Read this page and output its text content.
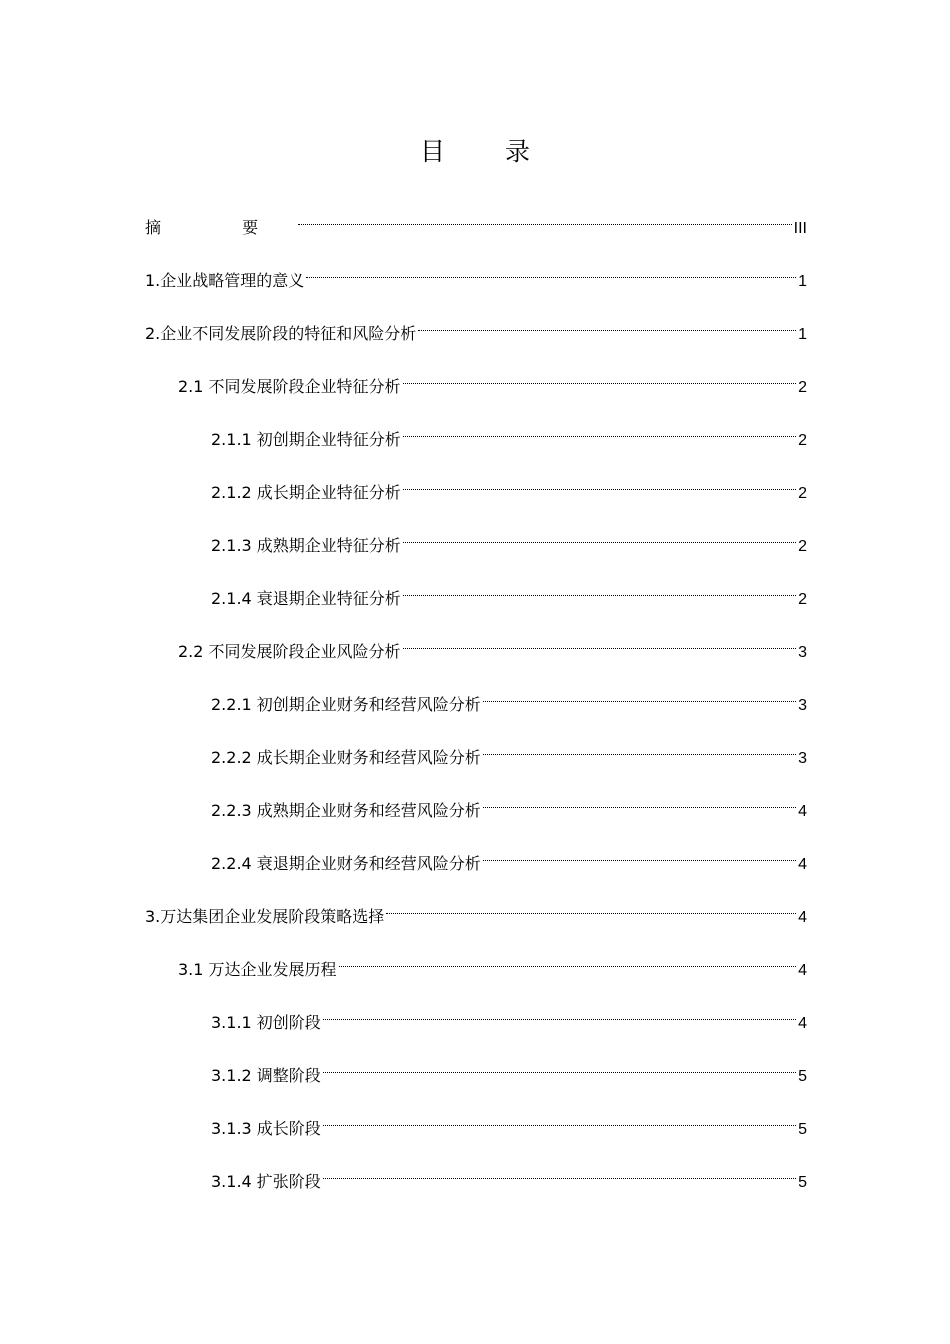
目 录
摘 要	III
1.企业战略管理的意义	1
2.企业不同发展阶段的特征和风险分析	1
2.1 不同发展阶段企业特征分析	2
2.1.1 初创期企业特征分析	2
2.1.2 成长期企业特征分析	2
2.1.3 成熟期企业特征分析	2
2.1.4 衰退期企业特征分析	2
2.2 不同发展阶段企业风险分析	3
2.2.1 初创期企业财务和经营风险分析	3
2.2.2 成长期企业财务和经营风险分析	3
2.2.3 成熟期企业财务和经营风险分析	4
2.2.4 衰退期企业财务和经营风险分析	4
3.万达集团企业发展阶段策略选择	4
3.1 万达企业发展历程	4
3.1.1 初创阶段	4
3.1.2 调整阶段	5
3.1.3 成长阶段	5
3.1.4 扩张阶段	5
